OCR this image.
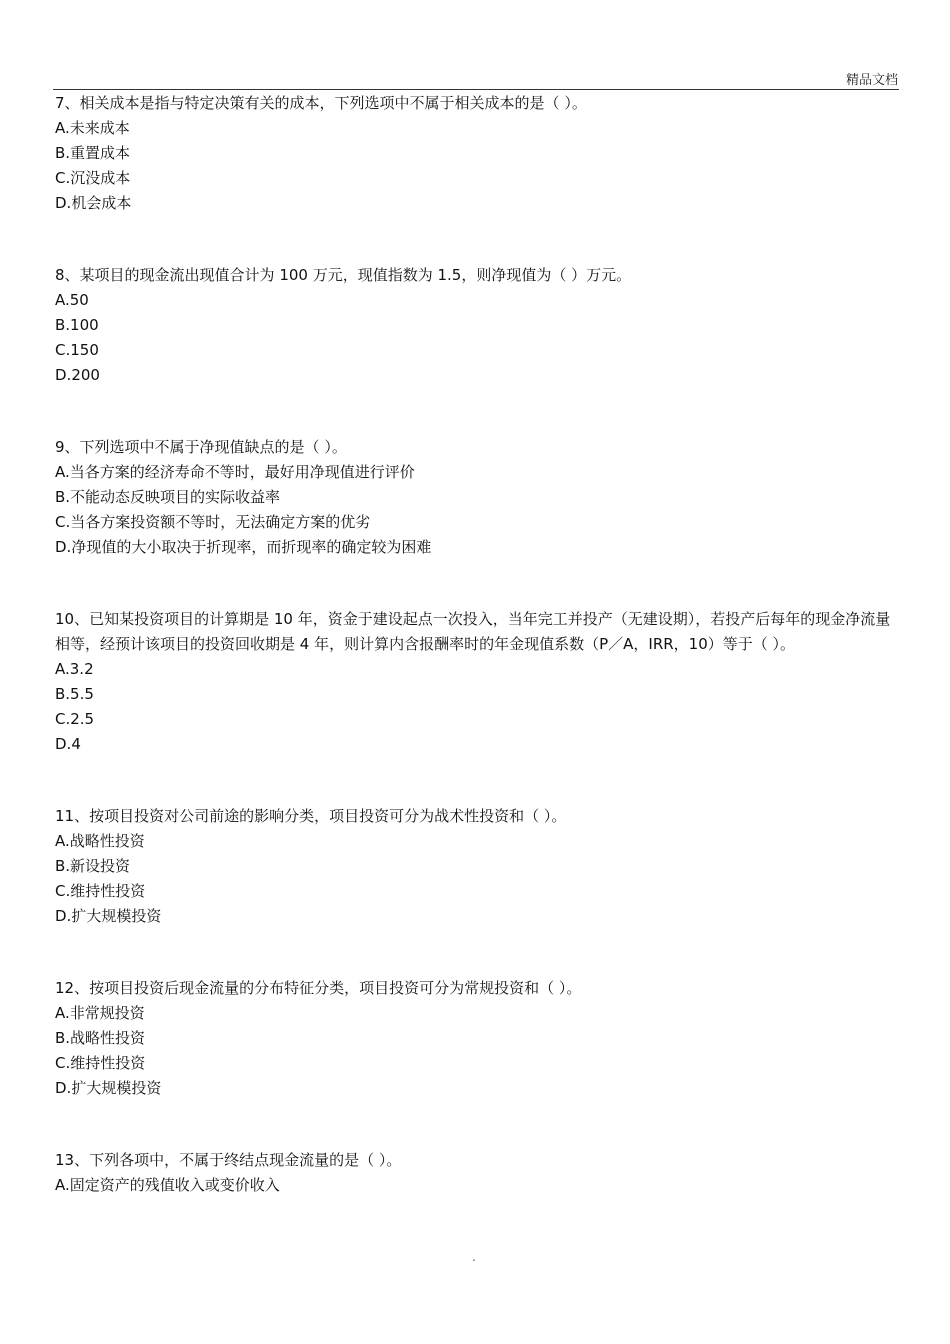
精品文档

7、相关成本是指与特定决策有关的成本，下列选项中不属于相关成本的是（ ）。

A.未来成本

B.重置成本

C.沉没成本

D.机会成本

8、某项目的现金流出现值合计为 100 万元，现值指数为 1.5，则净现值为（ ）万元。

A.50

B.100

C.150

D.200

9、下列选项中不属于净现值缺点的是（ ）。

A.当各方案的经济寿命不等时，最好用净现值进行评价

B.不能动态反映项目的实际收益率

C.当各方案投资额不等时，无法确定方案的优劣

D.净现值的大小取决于折现率，而折现率的确定较为困难

10、已知某投资项目的计算期是 10 年，资金于建设起点一次投入，当年完工并投产（无建设期），若投产后每年的现金净流量相等，经预计该项目的投资回收期是 4 年，则计算内含报酬率时的年金现值系数（P／A，IRR，10）等于（ ）。

A.3.2

B.5.5

C.2.5

D.4

11、按项目投资对公司前途的影响分类，项目投资可分为战术性投资和（ ）。

A.战略性投资

B.新设投资

C.维持性投资

D.扩大规模投资

12、按项目投资后现金流量的分布特征分类，项目投资可分为常规投资和（ ）。

A.非常规投资

B.战略性投资

C.维持性投资

D.扩大规模投资

13、下列各项中，不属于终结点现金流量的是（ ）。

A.固定资产的残值收入或变价收入

.
